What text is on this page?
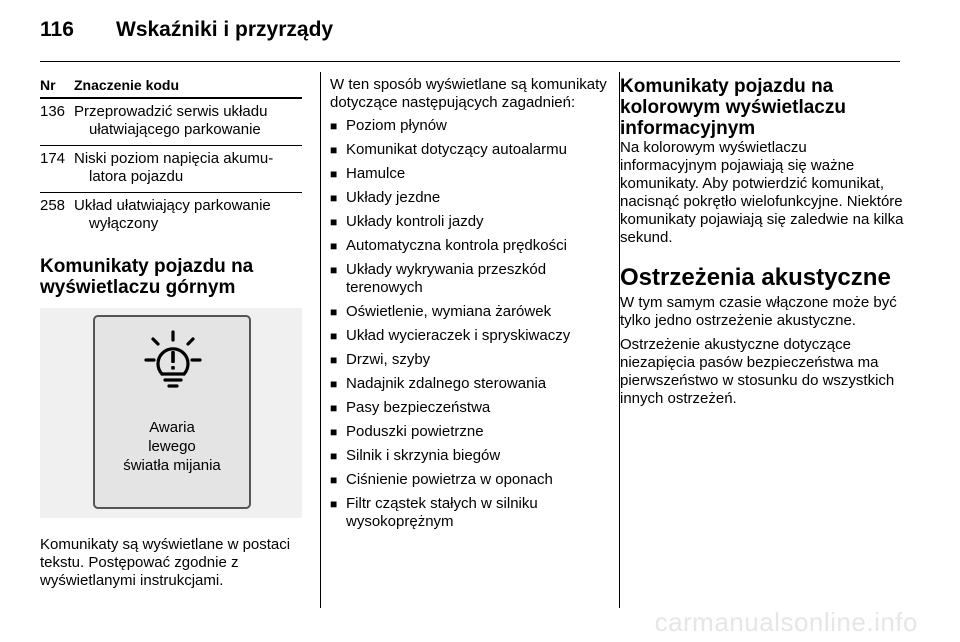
116 Wskaźniki i przyrządy
Nr	Znaczenie kodu
136 Przeprowadzić serwis układu ułatwiającego parkowanie
174 Niski poziom napięcia akumulatora pojazdu
258 Układ ułatwiający parkowanie wyłączony
Komunikaty pojazdu na wyświetlaczu górnym
Awaria
lewego
światła mijania

Komunikaty są wyświetlane w postaci tekstu. Postępować zgodnie z wyświetlanymi instrukcjami.

W ten sposób wyświetlane są komunikaty dotyczące następujących zagadnień:

■ Poziom płynów
■ Komunikat dotyczący autoalarmu
■ Hamulce
■ Układy jezdne
■ Układy kontroli jazdy
■ Automatyczna kontrola prędkości
■ Układy wykrywania przeszkód terenowych
■ Oświetlenie, wymiana żarówek
■ Układ wycieraczek i spryskiwaczy
■ Drzwi, szyby
■ Nadajnik zdalnego sterowania
■ Pasy bezpieczeństwa
■ Poduszki powietrzne
■ Silnik i skrzynia biegów
■ Ciśnienie powietrza w oponach
■ Filtr cząstek stałych w silniku wysokoprężnym
Komunikaty pojazdu na kolorowym wyświetlaczu informacyjnym

Na kolorowym wyświetlaczu informacyjnym pojawiają się ważne komunikaty. Aby potwierdzić komunikat, nacisnąć pokrętło wielofunkcyjne. Niektóre komunikaty pojawiają się zaledwie na kilka sekund.

Ostrzeżenia akustyczne

W tym samym czasie włączone może być tylko jedno ostrzeżenie akustyczne.

Ostrzeżenie akustyczne dotyczące niezapięcia pasów bezpieczeństwa ma pierwszeństwo w stosunku do wszystkich innych ostrzeżeń.

carmanualsonline.info
